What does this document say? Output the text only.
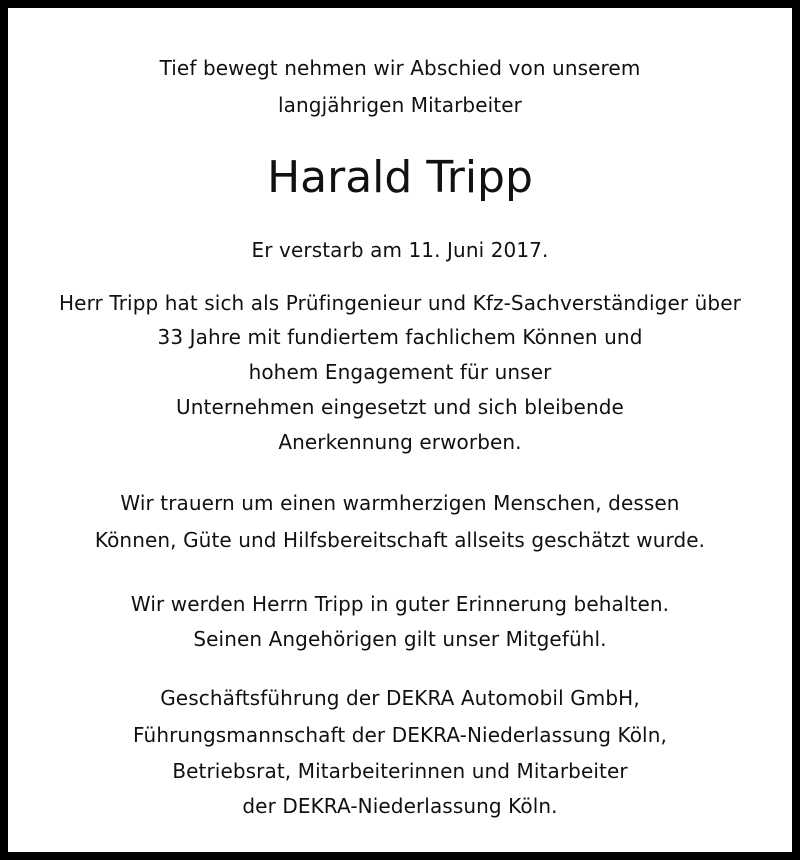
Tief bewegt nehmen wir Abschied von unserem
langjährigen Mitarbeiter
Harald Tripp
Er verstarb am 11. Juni 2017.
Herr Tripp hat sich als Prüfingenieur und Kfz-Sachverständiger über
33 Jahre mit fundiertem fachlichem Können und
hohem Engagement für unser
Unternehmen eingesetzt und sich bleibende
Anerkennung erworben.
Wir trauern um einen warmherzigen Menschen, dessen
Können, Güte und Hilfsbereitschaft allseits geschätzt wurde.
Wir werden Herrn Tripp in guter Erinnerung behalten.
Seinen Angehörigen gilt unser Mitgefühl.
Geschäftsführung der DEKRA Automobil GmbH,
Führungsmannschaft der DEKRA-Niederlassung Köln,
Betriebsrat, Mitarbeiterinnen und Mitarbeiter
der DEKRA-Niederlassung Köln.
